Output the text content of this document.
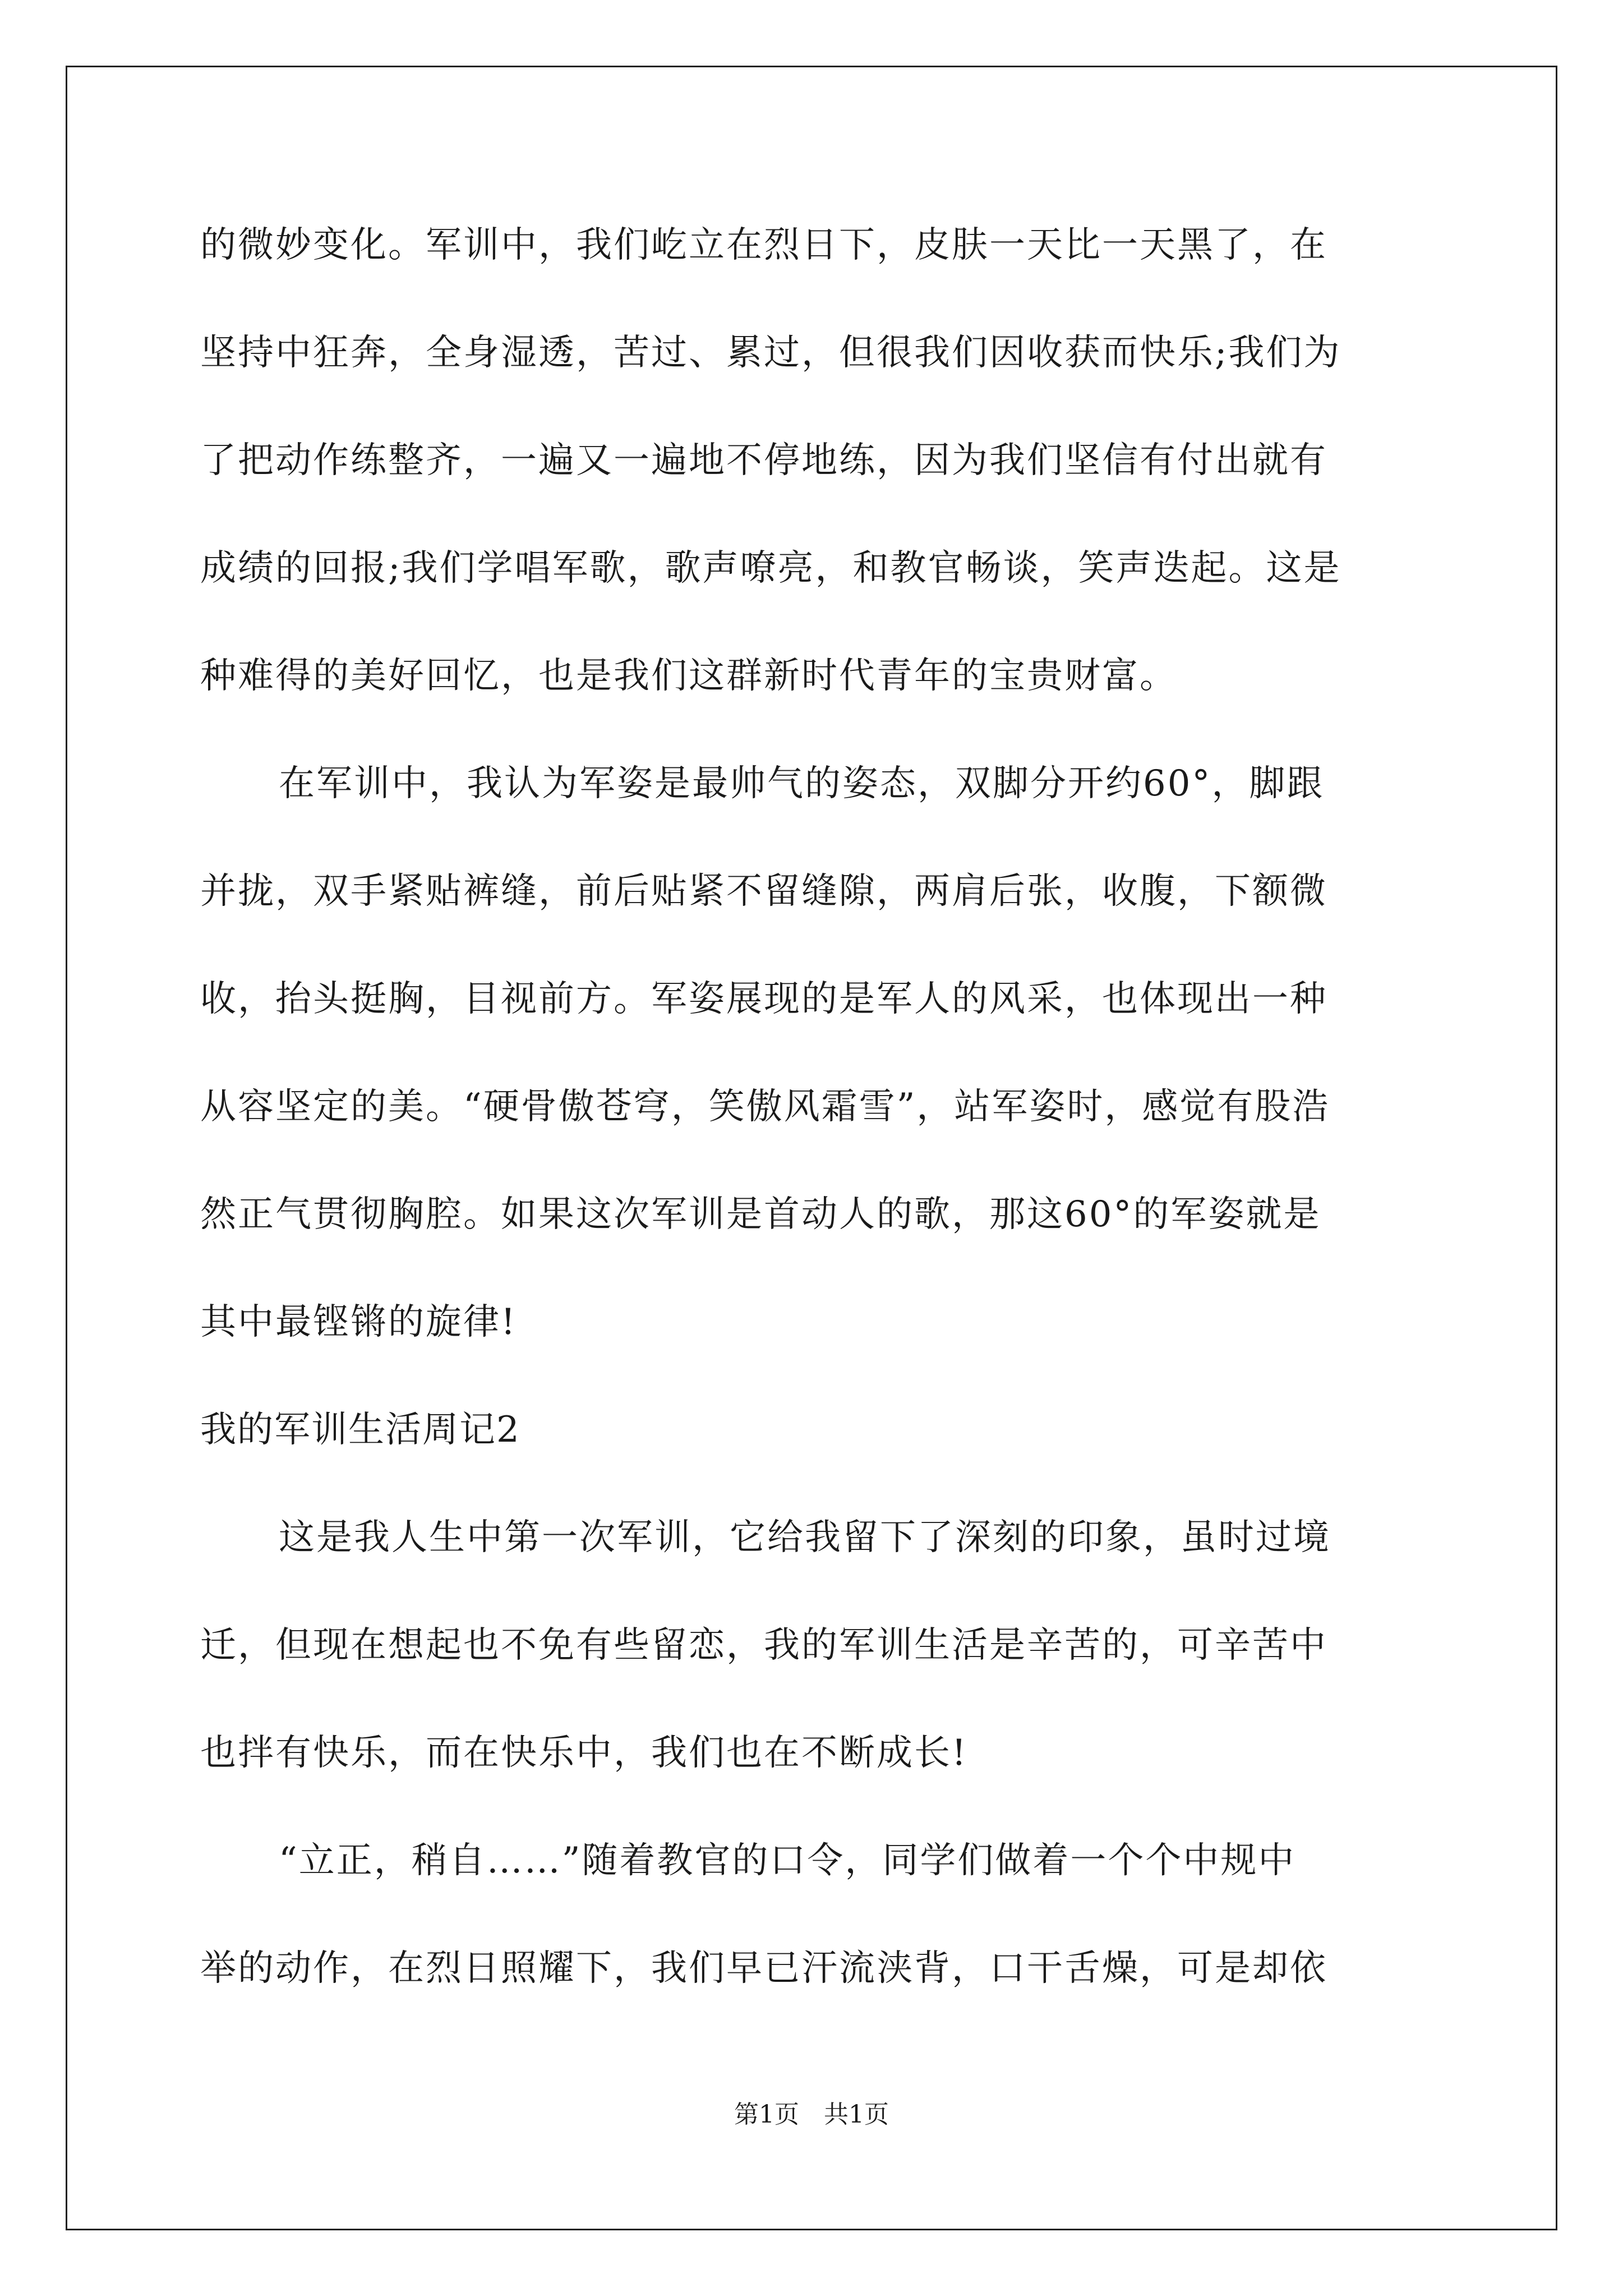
的微妙变化。军训中，我们屹立在烈日下，皮肤一天比一天黑了，在
坚持中狂奔，全身湿透，苦过、累过，但很我们因收获而快乐;我们为
了把动作练整齐，一遍又一遍地不停地练，因为我们坚信有付出就有
成绩的回报;我们学唱军歌，歌声嘹亮，和教官畅谈，笑声迭起。这是
种难得的美好回忆，也是我们这群新时代青年的宝贵财富。
在军训中，我认为军姿是最帅气的姿态，双脚分开约60°，脚跟
并拢，双手紧贴裤缝，前后贴紧不留缝隙，两肩后张，收腹，下额微
收，抬头挺胸，目视前方。军姿展现的是军人的风采，也体现出一种
从容坚定的美。“硬骨傲苍穹，笑傲风霜雪”，站军姿时，感觉有股浩
然正气贯彻胸腔。如果这次军训是首动人的歌，那这60°的军姿就是
其中最铿锵的旋律!
我的军训生活周记2
这是我人生中第一次军训，它给我留下了深刻的印象，虽时过境
迁，但现在想起也不免有些留恋，我的军训生活是辛苦的，可辛苦中
也拌有快乐，而在快乐中，我们也在不断成长!
“立正，稍自……”随着教官的口令，同学们做着一个个中规中
举的动作，在烈日照耀下，我们早已汗流浃背，口干舌燥，可是却依
第1页　共1页
